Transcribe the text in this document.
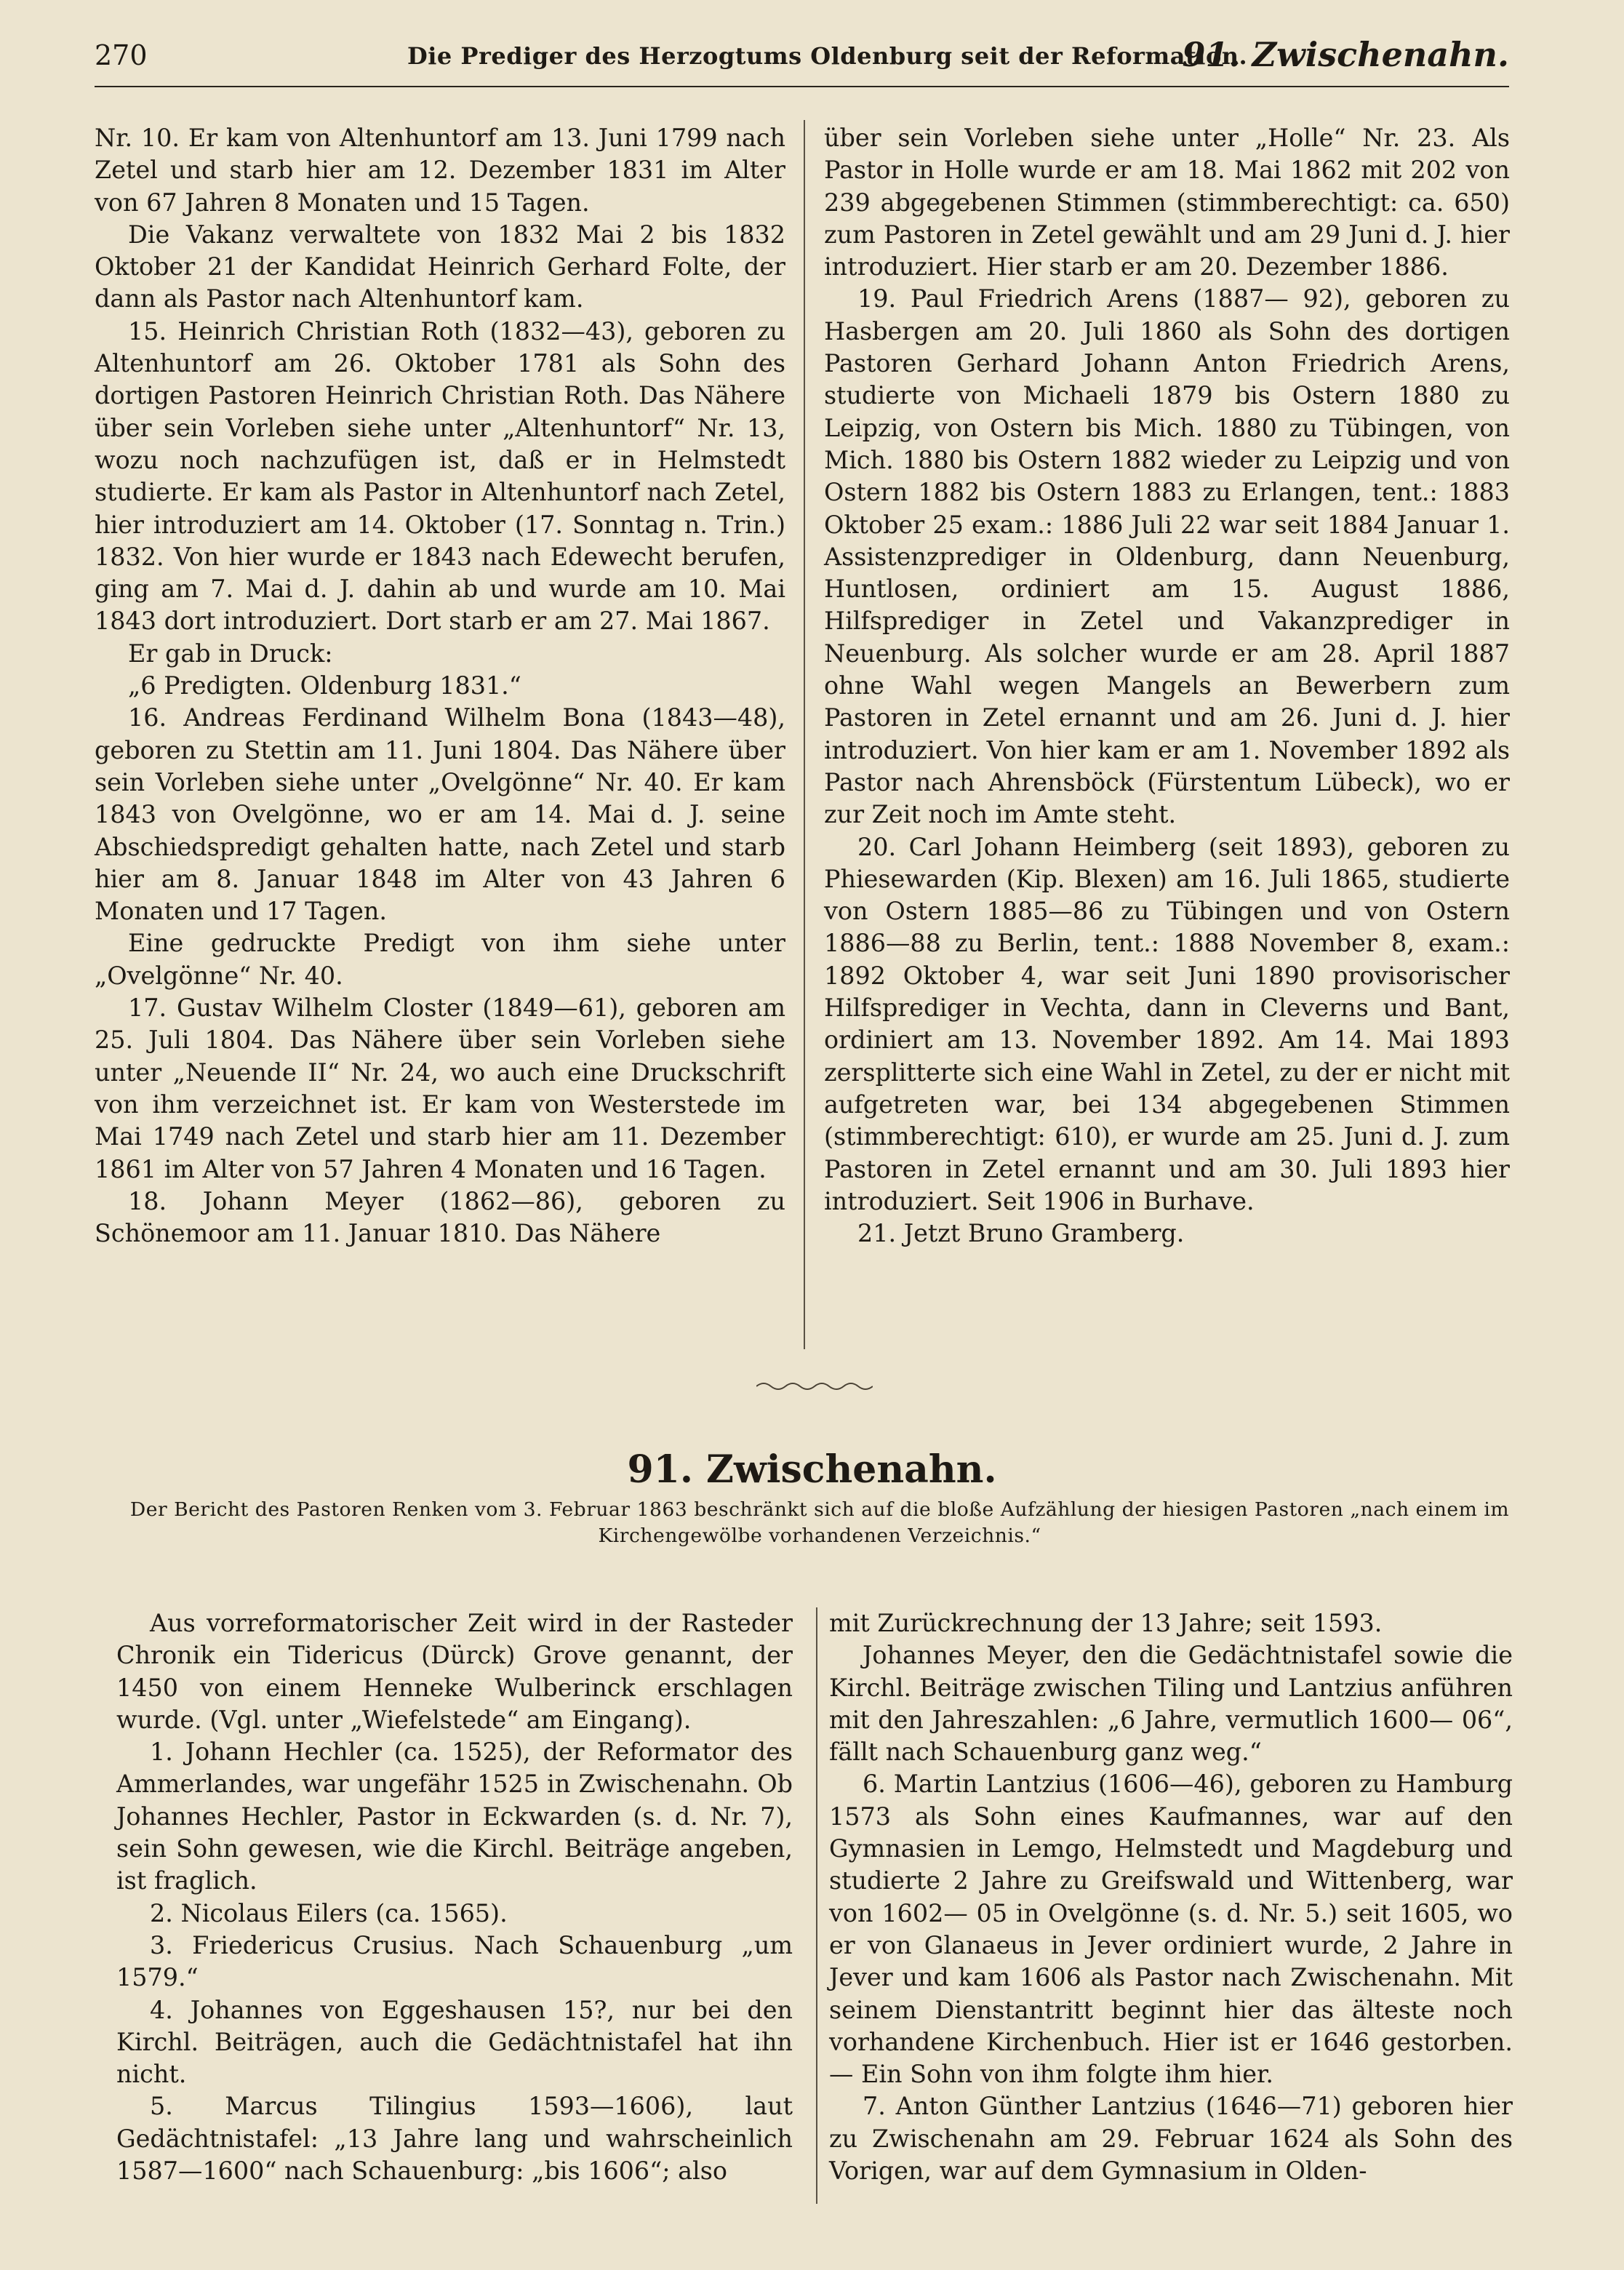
270	Die Prediger des Herzogtums Oldenburg seit der Reformation.
91. Zwischenahn.

Nr. 10. Er kam von Altenhuntorf am 13. Juni 1799 nach Zetel und starb hier am 12. Dezember 1831 im Alter von 67 Jahren 8 Monaten und 15 Tagen.

Die Vakanz verwaltete von 1832 Mai 2 bis 1832 Oktober 21 der Kandidat Heinrich Gerhard Folte, der dann als Pastor nach Altenhuntorf kam.

15. Heinrich Christian Roth (1832—43), geboren zu Altenhuntorf am 26. Oktober 1781 als Sohn des dortigen Pastoren Heinrich Christian Roth. Das Nähere über sein Vorleben siehe unter „Altenhuntorf“ Nr. 13, wozu noch nachzufügen ist, daß er in Helmstedt studierte. Er kam als Pastor in Altenhuntorf nach Zetel, hier introduziert am 14. Oktober (17. Sonntag n. Trin.) 1832. Von hier wurde er 1843 nach Edewecht berufen, ging am 7. Mai d. J. dahin ab und wurde am 10. Mai 1843 dort introduziert. Dort starb er am 27. Mai 1867.

Er gab in Druck:

„6 Predigten. Oldenburg 1831.“

16. Andreas Ferdinand Wilhelm Bona (1843—48), geboren zu Stettin am 11. Juni 1804. Das Nähere über sein Vorleben siehe unter „Ovelgönne“ Nr. 40. Er kam 1843 von Ovelgönne, wo er am 14. Mai d. J. seine Abschiedspredigt gehalten hatte, nach Zetel und starb hier am 8. Januar 1848 im Alter von 43 Jahren 6 Monaten und 17 Tagen.

Eine gedruckte Predigt von ihm siehe unter „Ovelgönne“ Nr. 40.

17. Gustav Wilhelm Closter (1849—61), geboren am 25. Juli 1804. Das Nähere über sein Vorleben siehe unter „Neuende II“ Nr. 24, wo auch eine Druckschrift von ihm verzeichnet ist. Er kam von Westerstede im Mai 1749 nach Zetel und starb hier am 11. Dezember 1861 im Alter von 57 Jahren 4 Monaten und 16 Tagen.

18. Johann Meyer (1862—86), geboren zu Schönemoor am 11. Januar 1810. Das Nähere

über sein Vorleben siehe unter „Holle“ Nr. 23. Als Pastor in Holle wurde er am 18. Mai 1862 mit 202 von 239 abgegebenen Stimmen (stimmberechtigt: ca. 650) zum Pastoren in Zetel gewählt und am 29 Juni d. J. hier introduziert. Hier starb er am 20. Dezember 1886.

19. Paul Friedrich Arens (1887— 92), geboren zu Hasbergen am 20. Juli 1860 als Sohn des dortigen Pastoren Gerhard Johann Anton Friedrich Arens, studierte von Michaeli 1879 bis Ostern 1880 zu Leipzig, von Ostern bis Mich. 1880 zu Tübingen, von Mich. 1880 bis Ostern 1882 wieder zu Leipzig und von Ostern 1882 bis Ostern 1883 zu Erlangen, tent.: 1883 Oktober 25 exam.: 1886 Juli 22 war seit 1884 Januar 1. Assistenzprediger in Oldenburg, dann Neuenburg, Huntlosen, ordiniert am 15. August 1886, Hilfsprediger in Zetel und Vakanzprediger in Neuenburg. Als solcher wurde er am 28. April 1887 ohne Wahl wegen Mangels an Bewerbern zum Pastoren in Zetel ernannt und am 26. Juni d. J. hier introduziert. Von hier kam er am 1. November 1892 als Pastor nach Ahrensböck (Fürstentum Lübeck), wo er zur Zeit noch im Amte steht.

20. Carl Johann Heimberg (seit 1893), geboren zu Phiesewarden (Kip. Blexen) am 16. Juli 1865, studierte von Ostern 1885—86 zu Tübingen und von Ostern 1886—88 zu Berlin, tent.: 1888 November 8, exam.: 1892 Oktober 4, war seit Juni 1890 provisorischer Hilfsprediger in Vechta, dann in Cleverns und Bant, ordiniert am 13. November 1892. Am 14. Mai 1893 zersplitterte sich eine Wahl in Zetel, zu der er nicht mit aufgetreten war, bei 134 abgegebenen Stimmen (stimmberechtigt: 610), er wurde am 25. Juni d. J. zum Pastoren in Zetel ernannt und am 30. Juli 1893 hier introduziert. Seit 1906 in Burhave.

21. Jetzt Bruno Gramberg.

91. Zwischenahn.
Der Bericht des Pastoren Renken vom 3. Februar 1863 beschränkt sich auf die bloße Aufzählung der hiesigen Pastoren „nach einem im Kirchengewölbe vorhandenen Verzeichnis.“

Aus vorreformatorischer Zeit wird in der Rasteder Chronik ein Tidericus (Dürck) Grove genannt, der 1450 von einem Henneke Wulberinck erschlagen wurde. (Vgl. unter „Wiefelstede“ am Eingang).

1. Johann Hechler (ca. 1525), der Reformator des Ammerlandes, war ungefähr 1525 in Zwischenahn. Ob Johannes Hechler, Pastor in Eckwarden (s. d. Nr. 7), sein Sohn gewesen, wie die Kirchl. Beiträge angeben, ist fraglich.

2. Nicolaus Eilers (ca. 1565).

3. Friedericus Crusius. Nach Schauenburg „um 1579.“

4. Johannes von Eggeshausen 15?, nur bei den Kirchl. Beiträgen, auch die Gedächtnistafel hat ihn nicht.

5. Marcus Tilingius 1593—1606), laut Gedächtnistafel: „13 Jahre lang und wahrscheinlich 1587—1600“ nach Schauenburg: „bis 1606“; also

mit Zurückrechnung der 13 Jahre; seit 1593.

Johannes Meyer, den die Gedächtnistafel sowie die Kirchl. Beiträge zwischen Tiling und Lantzius anführen mit den Jahreszahlen: „6 Jahre, vermutlich 1600— 06“, fällt nach Schauenburg ganz weg.“

6. Martin Lantzius (1606—46), geboren zu Hamburg 1573 als Sohn eines Kaufmannes, war auf den Gymnasien in Lemgo, Helmstedt und Magdeburg und studierte 2 Jahre zu Greifswald und Wittenberg, war von 1602— 05 in Ovelgönne (s. d. Nr. 5.) seit 1605, wo er von Glanaeus in Jever ordiniert wurde, 2 Jahre in Jever und kam 1606 als Pastor nach Zwischenahn. Mit seinem Dienstantritt beginnt hier das älteste noch vorhandene Kirchenbuch. Hier ist er 1646 gestorben. — Ein Sohn von ihm folgte ihm hier.

7. Anton Günther Lantzius (1646—71) geboren hier zu Zwischenahn am 29. Februar 1624 als Sohn des Vorigen, war auf dem Gymnasium in Olden-
